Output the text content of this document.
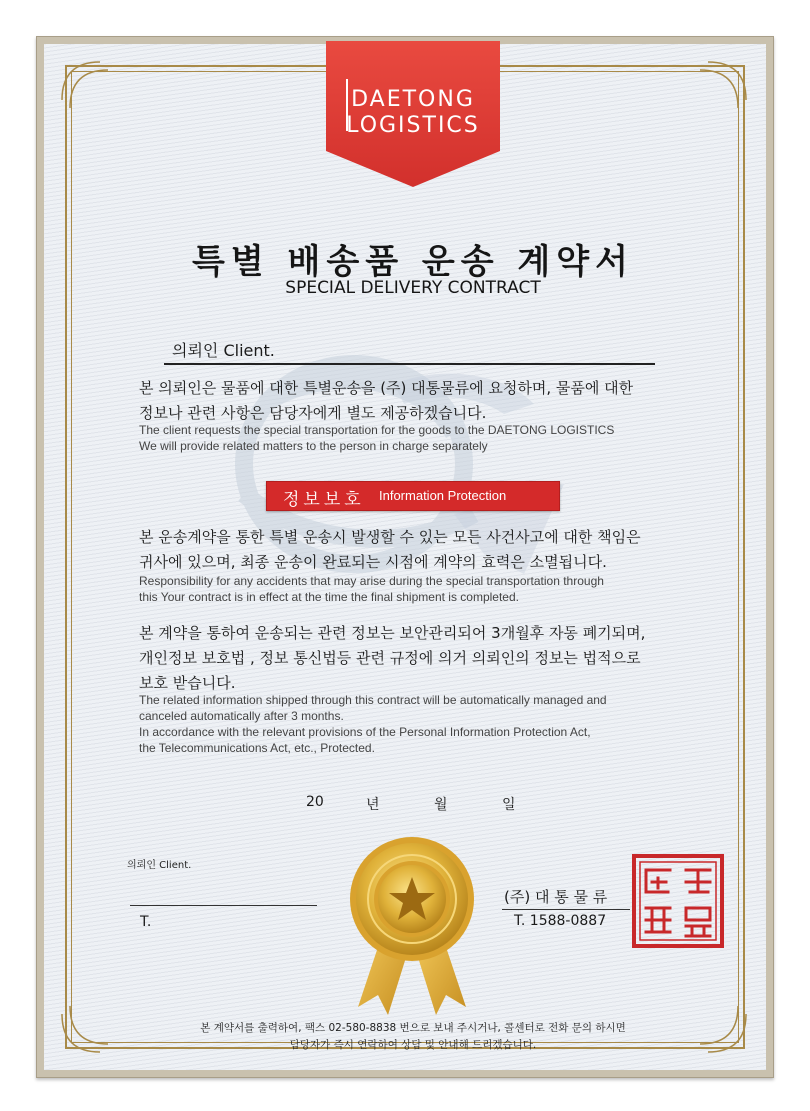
DAETONG
LOGISTICS
특별 배송품 운송 계약서
SPECIAL DELIVERY CONTRACT
의뢰인 Client.
본 의뢰인은 물품에 대한 특별운송을 (주) 대통물류에 요청하며, 물품에 대한
정보나 관련 사항은 담당자에게 별도 제공하겠습니다.
The client requests the special transportation for the goods to the DAETONG LOGISTICS
We will provide related matters to the person in charge separately
정보보호 Information Protection
본 운송계약을 통한 특별 운송시 발생할 수 있는 모든 사건사고에 대한 책임은
귀사에 있으며, 최종 운송이 완료되는 시점에 계약의 효력은 소멸됩니다.
Responsibility for any accidents that may arise during the special transportation through
this Your contract is in effect at the time the final shipment is completed.
본 계약을 통하여 운송되는 관련 정보는 보안관리되어 3개월후 자동 폐기되며,
개인정보 보호법 , 정보 통신법등 관련 규정에 의거 의뢰인의 정보는 법적으로
보호 받습니다.
The related information shipped through this contract will be automatically managed and
canceled automatically after 3 months.
In accordance with the relevant provisions of the Personal Information Protection Act,
the Telecommunications Act, etc., Protected.
20	년	월	일
의뢰인 Client.
T.
(주) 대 통 물 류
T. 1588-0887
본 계약서를 출력하여, 팩스 02-580-8838 번으로 보내 주시거나, 콜센터로 전화 문의 하시면
담당자가 즉시 연락하여 상담 및 안내해 드리겠습니다.
